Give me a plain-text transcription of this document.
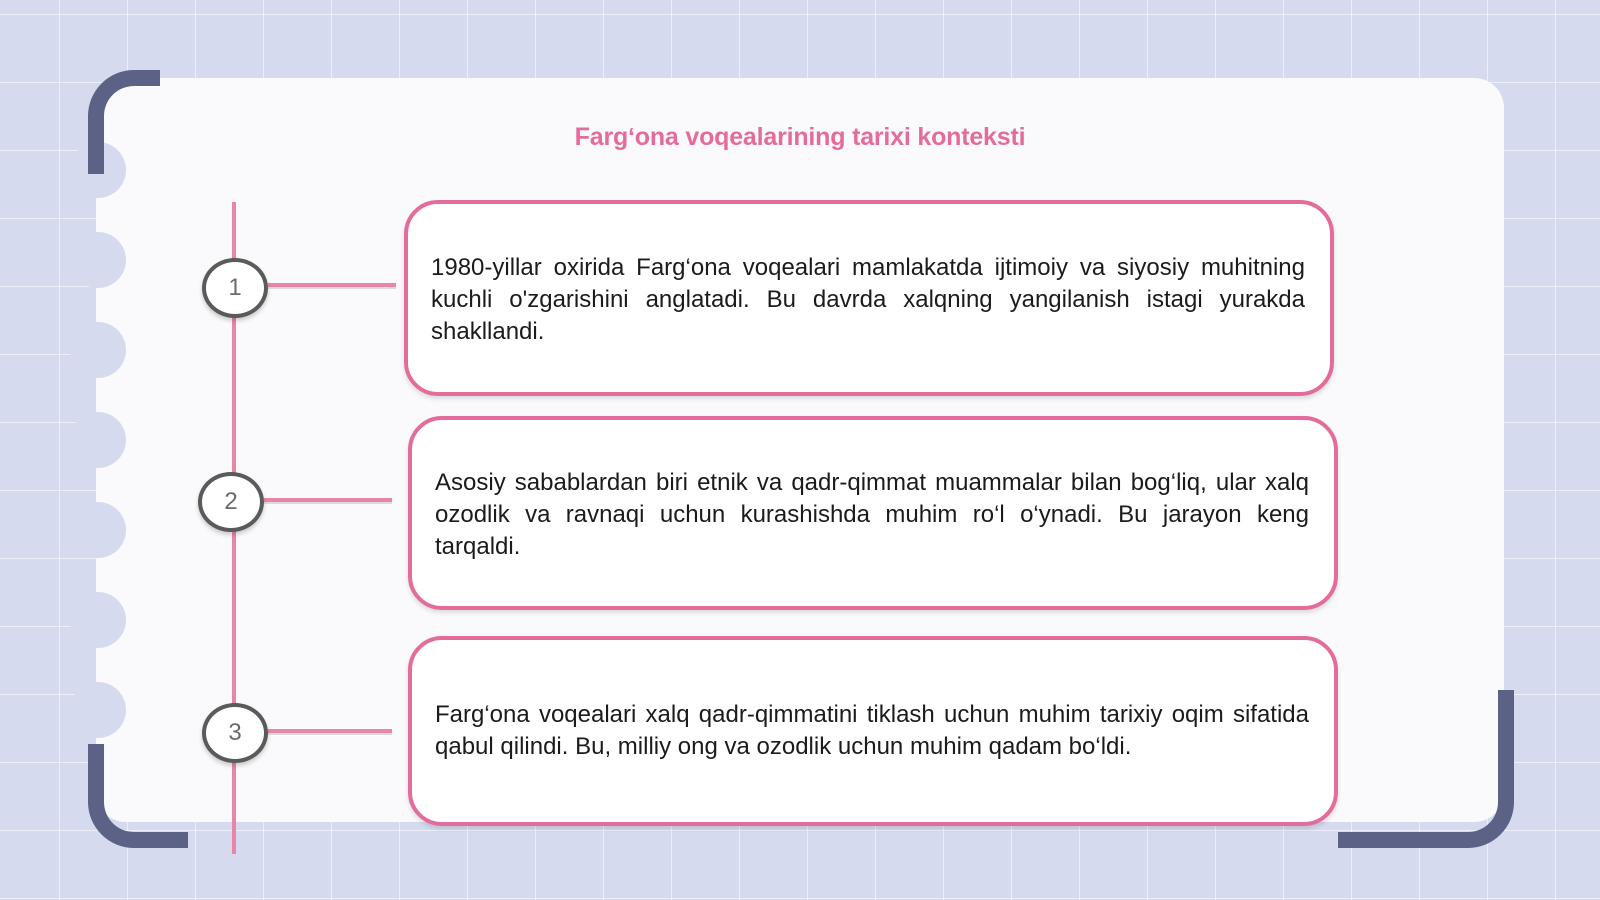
Fargʻona voqealarining tarixi konteksti
1
1980-yillar oxirida Farg‘ona voqealari mamlakatda ijtimoiy va siyosiy muhitning kuchli o'zgarishini anglatadi. Bu davrda xalqning yangilanish istagi yurakda shakllandi.
2
Asosiy sabablardan biri etnik va qadr-qimmat muammalar bilan bog‘liq, ular xalq ozodlik va ravnaqi uchun kurashishda muhim ro‘l o‘ynadi. Bu jarayon keng tarqaldi.
3
Farg‘ona voqealari xalq qadr-qimmatini tiklash uchun muhim tarixiy oqim sifatida qabul qilindi. Bu, milliy ong va ozodlik uchun muhim qadam bo‘ldi.
